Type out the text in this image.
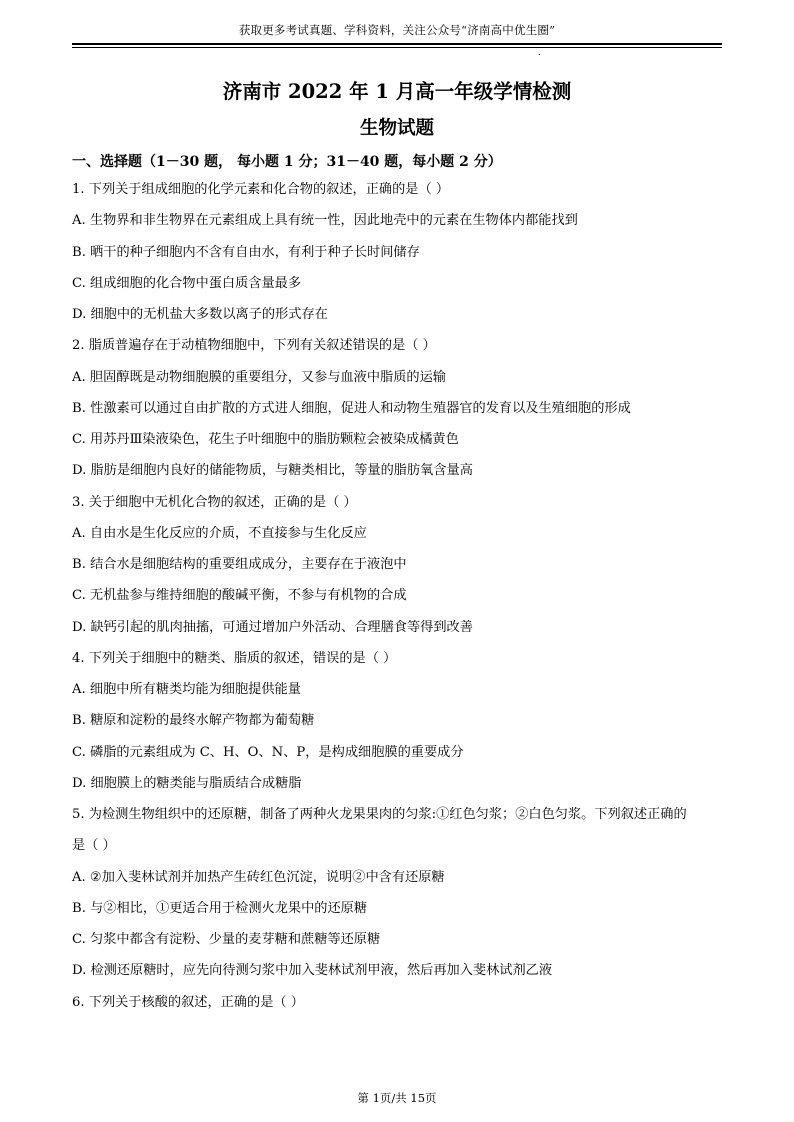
获取更多考试真题、学科资料，关注公众号“济南高中优生圈”
.
济南市 2022 年 1 月高一年级学情检测
生物试题
一、选择题（1－30 题， 每小题 1 分；31－40 题，每小题 2 分）
1. 下列关于组成细胞的化学元素和化合物的叙述，正确的是（ ）
A. 生物界和非生物界在元素组成上具有统一性，因此地壳中的元素在生物体内都能找到
B. 晒干的种子细胞内不含有自由水，有利于种子长时间储存
C. 组成细胞的化合物中蛋白质含量最多
D. 细胞中的无机盐大多数以离子的形式存在
2. 脂质普遍存在于动植物细胞中，下列有关叙述错误的是（ ）
A. 胆固醇既是动物细胞膜的重要组分，又参与血液中脂质的运输
B. 性激素可以通过自由扩散的方式进人细胞，促进人和动物生殖器官的发育以及生殖细胞的形成
C. 用苏丹Ⅲ染液染色，花生子叶细胞中的脂肪颗粒会被染成橘黄色
D. 脂肪是细胞内良好的储能物质，与糖类相比，等量的脂肪氧含量高
3. 关于细胞中无机化合物的叙述，正确的是（ ）
A. 自由水是生化反应的介质，不直接参与生化反应
B. 结合水是细胞结构的重要组成成分，主要存在于液泡中
C. 无机盐参与维持细胞的酸碱平衡，不参与有机物的合成
D. 缺钙引起的肌肉抽搐，可通过增加户外活动、合理膳食等得到改善
4. 下列关于细胞中的糖类、脂质的叙述，错误的是（ ）
A. 细胞中所有糖类均能为细胞提供能量
B. 糖原和淀粉的最终水解产物都为葡萄糖
C. 磷脂的元素组成为 C、H、O、N、P，是构成细胞膜的重要成分
D. 细胞膜上的糖类能与脂质结合成糖脂
5. 为检测生物组织中的还原糖，制备了两种火龙果果肉的匀浆:①红色匀浆；②白色匀浆。下列叙述正确的
是（ ）
A. ②加入斐林试剂并加热产生砖红色沉淀，说明②中含有还原糖
B. 与②相比，①更适合用于检测火龙果中的还原糖
C. 匀浆中都含有淀粉、少量的麦芽糖和蔗糖等还原糖
D. 检测还原糖时，应先向待测匀浆中加入斐林试剂甲液，然后再加入斐林试剂乙液
6. 下列关于核酸的叙述，正确的是（ ）
第 1页/共 15页
